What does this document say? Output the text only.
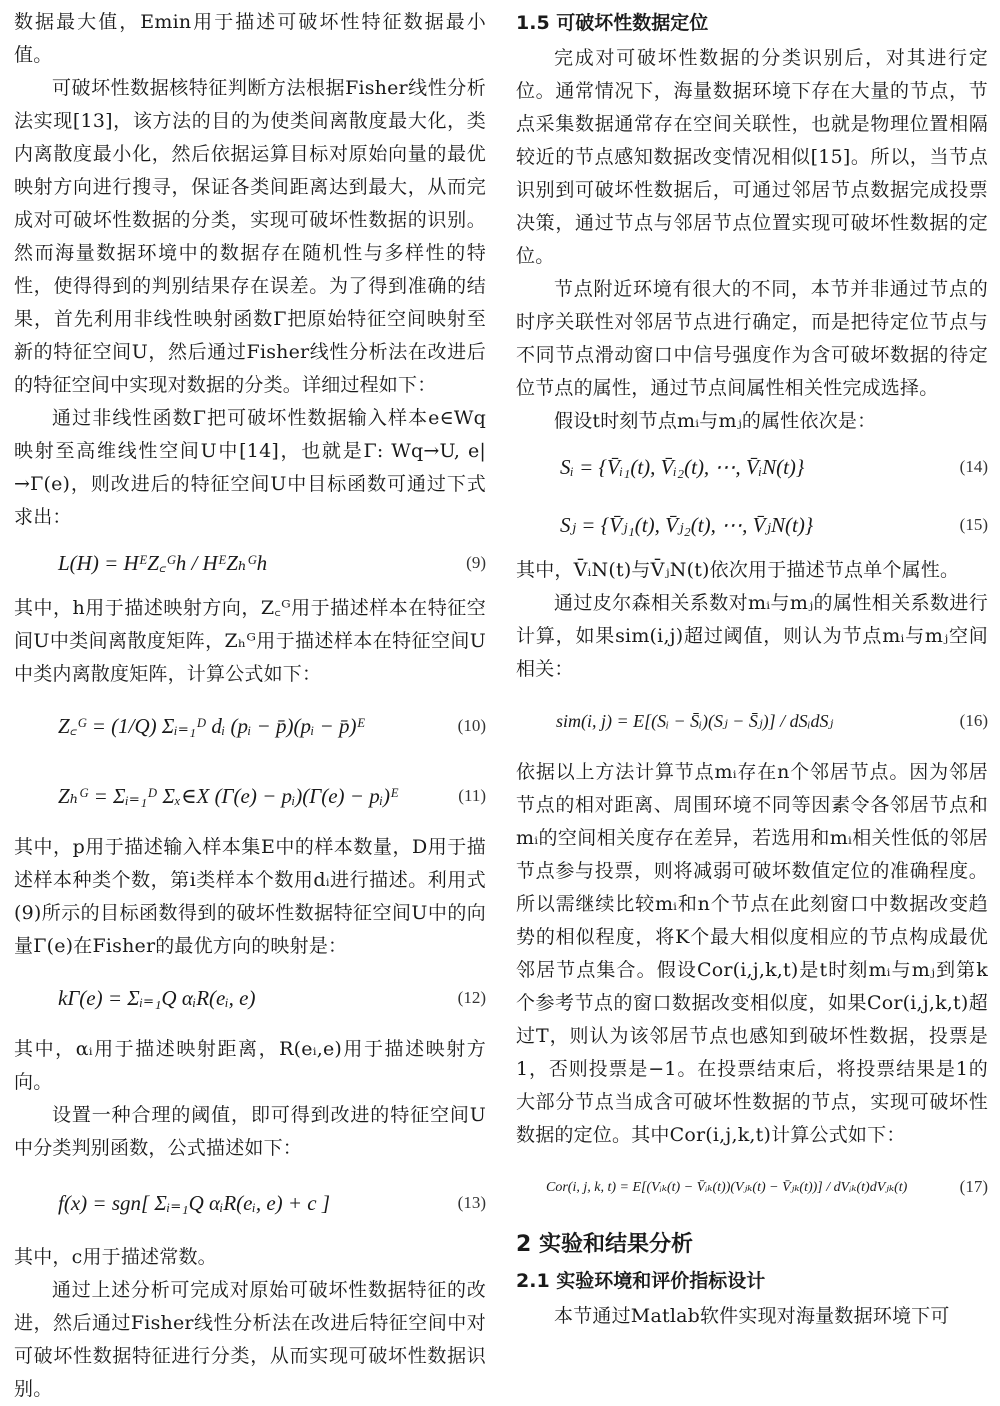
数据最大值，Emin用于描述可破坏性特征数据最小值。

可破坏性数据核特征判断方法根据Fisher线性分析法实现[13]，该方法的目的为使类间离散度最大化，类内离散度最小化，然后依据运算目标对原始向量的最优映射方向进行搜寻，保证各类间距离达到最大，从而完成对可破坏性数据的分类，实现可破坏性数据的识别。然而海量数据环境中的数据存在随机性与多样性的特性，使得得到的判别结果存在误差。为了得到准确的结果，首先利用非线性映射函数Γ把原始特征空间映射至新的特征空间U，然后通过Fisher线性分析法在改进后的特征空间中实现对数据的分类。详细过程如下：

通过非线性函数Γ把可破坏性数据输入样本e∈Wq映射至高维线性空间U中[14]，也就是Γ: Wq→U, e|→Γ(e)，则改进后的特征空间U中目标函数可通过下式求出：

L(H) = HᴱZ꜀ᴳh / HᴱZₕᴳh	(9)

其中，h用于描述映射方向，Z꜀ᴳ用于描述样本在特征空间U中类间离散度矩阵，Zₕᴳ用于描述样本在特征空间U中类内离散度矩阵，计算公式如下：

Z꜀ᴳ = (1/Q) Σᵢ₌₁ᴰ dᵢ (pᵢ − p̄)(pᵢ − p̄)ᴱ	(10)
Zₕᴳ = Σᵢ₌₁ᴰ Σₓ∈X (Γ(e) − pᵢ)(Γ(e) − pᵢ)ᴱ	(11)

其中，p用于描述输入样本集E中的样本数量，D用于描述样本种类个数，第i类样本个数用dᵢ进行描述。利用式(9)所示的目标函数得到的破坏性数据特征空间U中的向量Γ(e)在Fisher的最优方向的映射是：

kΓ(e) = Σᵢ₌₁Q αᵢR(eᵢ, e)	(12)

其中，αᵢ用于描述映射距离，R(eᵢ,e)用于描述映射方向。

设置一种合理的阈值，即可得到改进的特征空间U中分类判别函数，公式描述如下：

f(x) = sgn[ Σᵢ₌₁Q αᵢR(eᵢ, e) + c ]	(13)

其中，c用于描述常数。

通过上述分析可完成对原始可破坏性数据特征的改进，然后通过Fisher线性分析法在改进后特征空间中对可破坏性数据特征进行分类，从而实现可破坏性数据识别。

1.5 可破坏性数据定位

完成对可破坏性数据的分类识别后，对其进行定位。通常情况下，海量数据环境下存在大量的节点，节点采集数据通常存在空间关联性，也就是物理位置相隔较近的节点感知数据改变情况相似[15]。所以，当节点识别到可破坏性数据后，可通过邻居节点数据完成投票决策，通过节点与邻居节点位置实现可破坏性数据的定位。

节点附近环境有很大的不同，本节并非通过节点的时序关联性对邻居节点进行确定，而是把待定位节点与不同节点滑动窗口中信号强度作为含可破坏数据的待定位节点的属性，通过节点间属性相关性完成选择。

假设t时刻节点mᵢ与mⱼ的属性依次是：

Sᵢ = {V̄ᵢ₁(t), V̄ᵢ₂(t), ⋯, V̄ᵢN(t)}	(14)
Sⱼ = {V̄ⱼ₁(t), V̄ⱼ₂(t), ⋯, V̄ⱼN(t)}	(15)

其中，V̄ᵢN(t)与V̄ⱼN(t)依次用于描述节点单个属性。

通过皮尔森相关系数对mᵢ与mⱼ的属性相关系数进行计算，如果sim(i,j)超过阈值，则认为节点mᵢ与mⱼ空间相关：

sim(i, j) = E[(Sᵢ − S̄ᵢ)(Sⱼ − S̄ⱼ)] / dSᵢdSⱼ	(16)

依据以上方法计算节点mᵢ存在n个邻居节点。因为邻居节点的相对距离、周围环境不同等因素令各邻居节点和mᵢ的空间相关度存在差异，若选用和mᵢ相关性低的邻居节点参与投票，则将减弱可破坏数值定位的准确程度。所以需继续比较mᵢ和n个节点在此刻窗口中数据改变趋势的相似程度，将K个最大相似度相应的节点构成最优邻居节点集合。假设Cor(i,j,k,t)是t时刻mᵢ与mⱼ到第k个参考节点的窗口数据改变相似度，如果Cor(i,j,k,t)超过T，则认为该邻居节点也感知到破坏性数据，投票是1，否则投票是−1。在投票结束后，将投票结果是1的大部分节点当成含可破坏性数据的节点，实现可破坏性数据的定位。其中Cor(i,j,k,t)计算公式如下：

Cor(i, j, k, t) = E[(Vᵢₖ(t) − V̄ᵢₖ(t))(Vⱼₖ(t) − V̄ⱼₖ(t))] / dVᵢₖ(t)dVⱼₖ(t)	(17)
2 实验和结果分析
2.1 实验环境和评价指标设计

本节通过Matlab软件实现对海量数据环境下可
